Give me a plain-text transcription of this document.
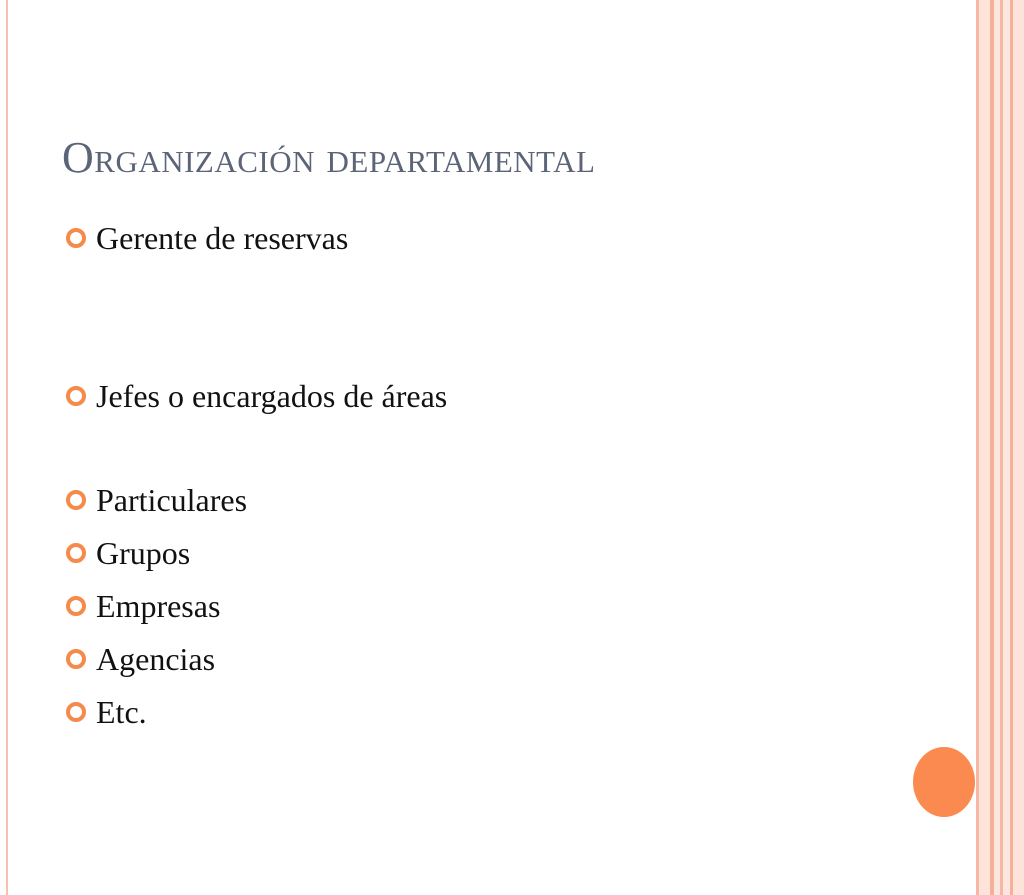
Organización departamental
Gerente de reservas
Jefes o encargados de áreas
Particulares
Grupos
Empresas
Agencias
Etc.
